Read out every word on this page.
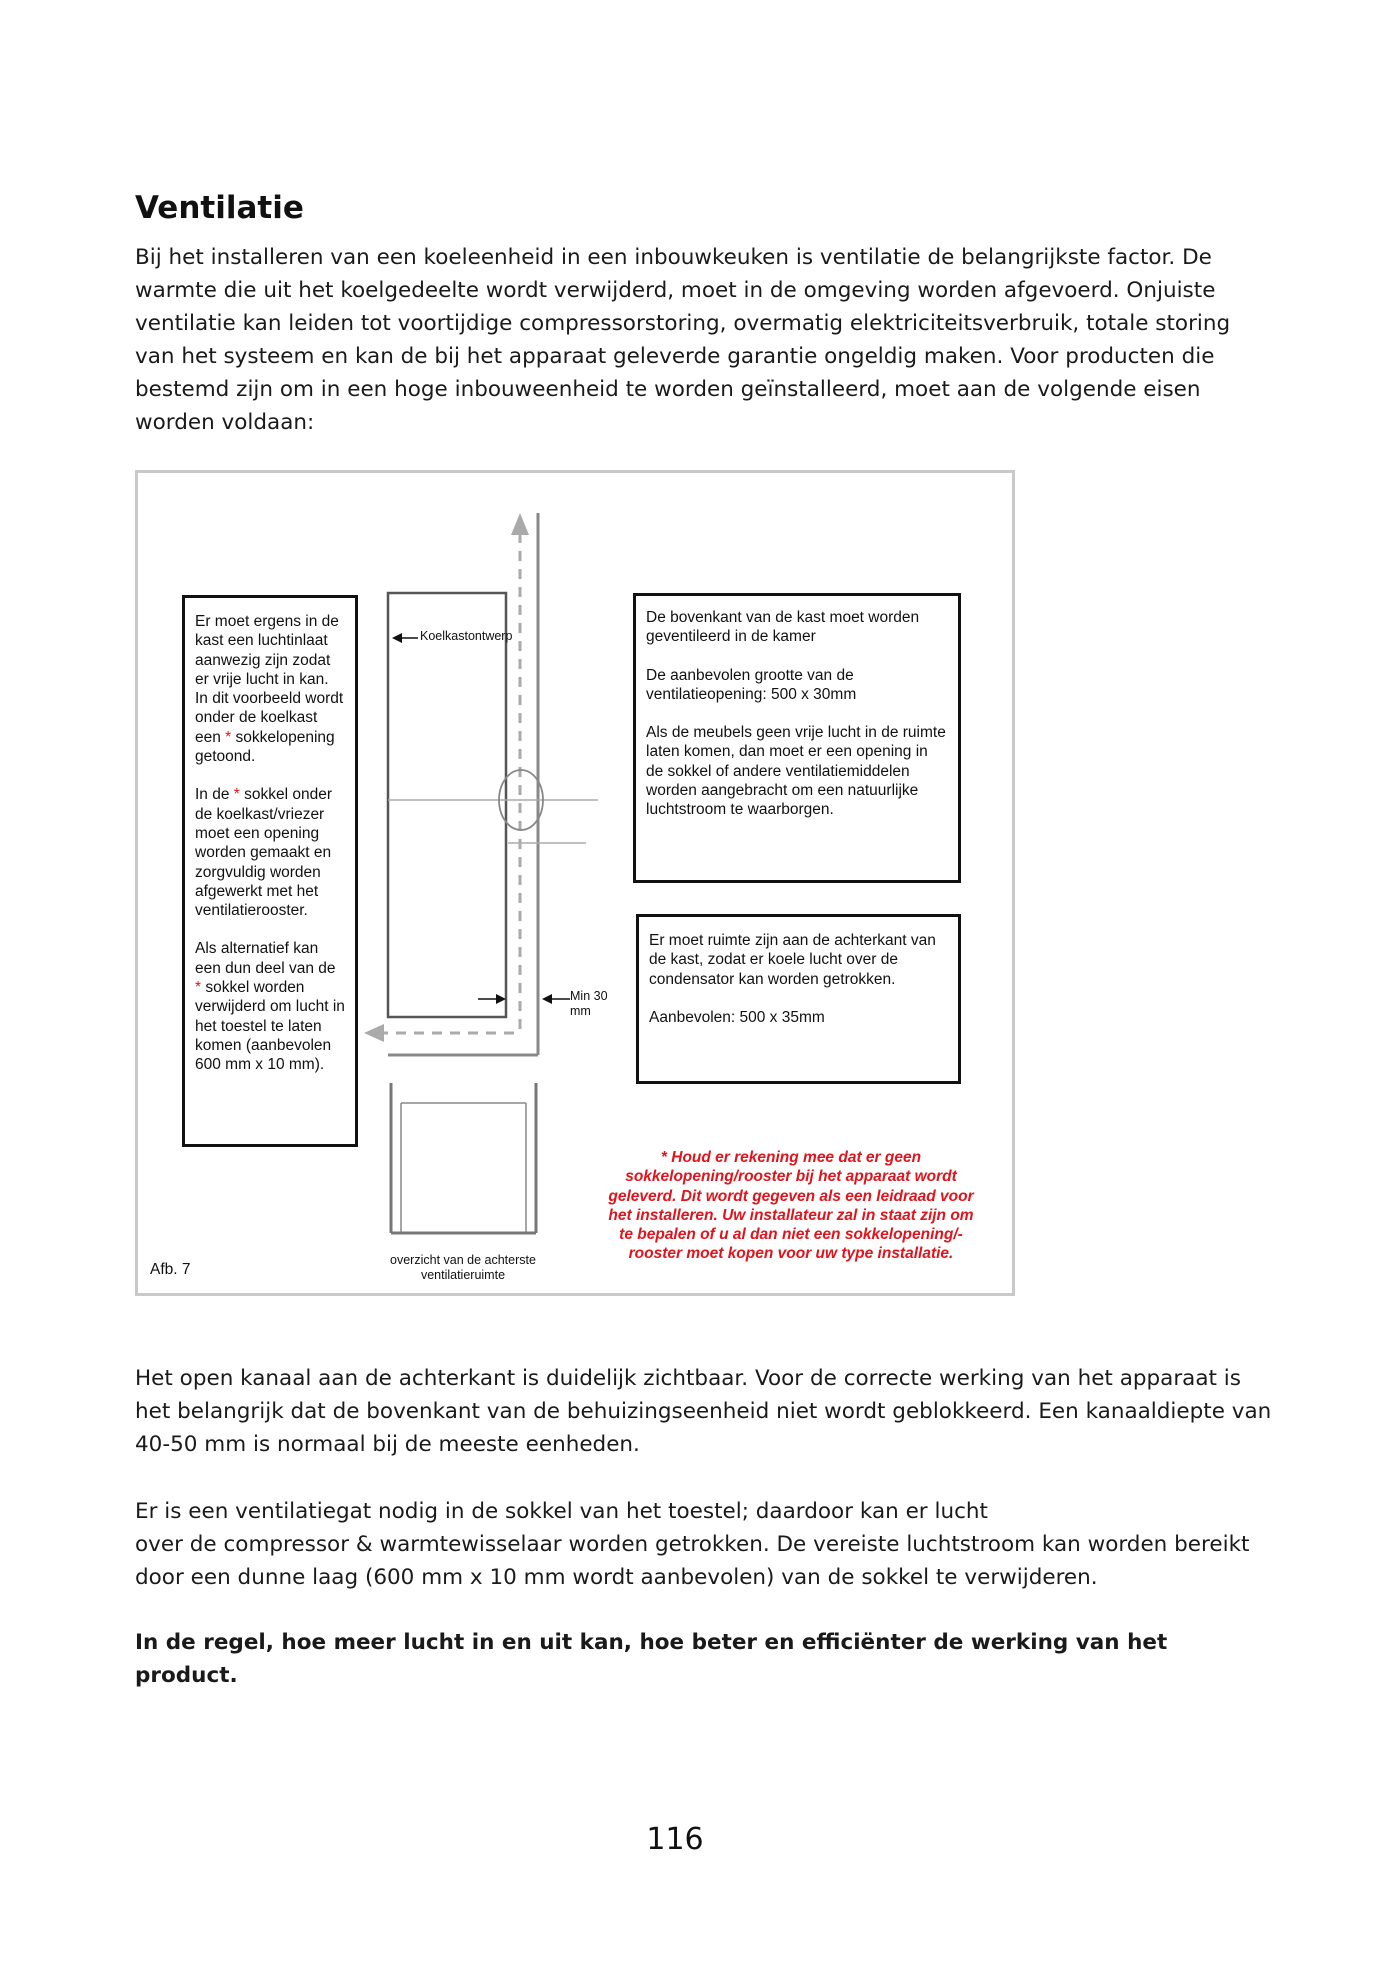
Ventilatie

Bij het installeren van een koeleenheid in een inbouwkeuken is ventilatie de belangrijkste factor. De warmte die uit het koelgedeelte wordt verwijderd, moet in de omgeving worden afgevoerd. Onjuiste ventilatie kan leiden tot voortijdige compressorstoring, overmatig elektriciteitsverbruik, totale storing van het systeem en kan de bij het apparaat geleverde garantie ongeldig maken. Voor producten die bestemd zijn om in een hoge inbouweenheid te worden geïnstalleerd, moet aan de volgende eisen worden voldaan:

Er moet ergens in de kast een luchtinlaat aanwezig zijn zodat er vrije lucht in kan. In dit voorbeeld wordt onder de koelkast een * sokkelopening getoond.

In de * sokkel onder de koelkast/vriezer moet een opening worden gemaakt en zorgvuldig worden afgewerkt met het ventilatierooster.

Als alternatief kan een dun deel van de * sokkel worden verwijderd om lucht in het toestel te laten komen (aanbevolen 600 mm x 10 mm).

Koelkastontwerp
Min 30
mm

De bovenkant van de kast moet worden geventileerd in de kamer

De aanbevolen grootte van de ventilatieopening: 500 x 30mm

Als de meubels geen vrije lucht in de ruimte laten komen, dan moet er een opening in de sokkel of andere ventilatiemiddelen worden aangebracht om een natuurlijke luchtstroom te waarborgen.

Er moet ruimte zijn aan de achterkant van de kast, zodat er koele lucht over de condensator kan worden getrokken.

Aanbevolen: 500 x 35mm

* Houd er rekening mee dat er geen sokkelopening/rooster bij het apparaat wordt geleverd. Dit wordt gegeven als een leidraad voor het installeren. Uw installateur zal in staat zijn om te bepalen of u al dan niet een sokkelopening/-rooster moet kopen voor uw type installatie.
Afb. 7
overzicht van de achterste
ventilatieruimte

Het open kanaal aan de achterkant is duidelijk zichtbaar. Voor de correcte werking van het apparaat is het belangrijk dat de bovenkant van de behuizingseenheid niet wordt geblokkeerd. Een kanaaldiepte van 40-50 mm is normaal bij de meeste eenheden.

Er is een ventilatiegat nodig in de sokkel van het toestel; daardoor kan er lucht
over de compressor & warmtewisselaar worden getrokken. De vereiste luchtstroom kan worden bereikt door een dunne laag (600 mm x 10 mm wordt aanbevolen) van de sokkel te verwijderen.

In de regel, hoe meer lucht in en uit kan, hoe beter en efficiënter de werking van het product.

116
